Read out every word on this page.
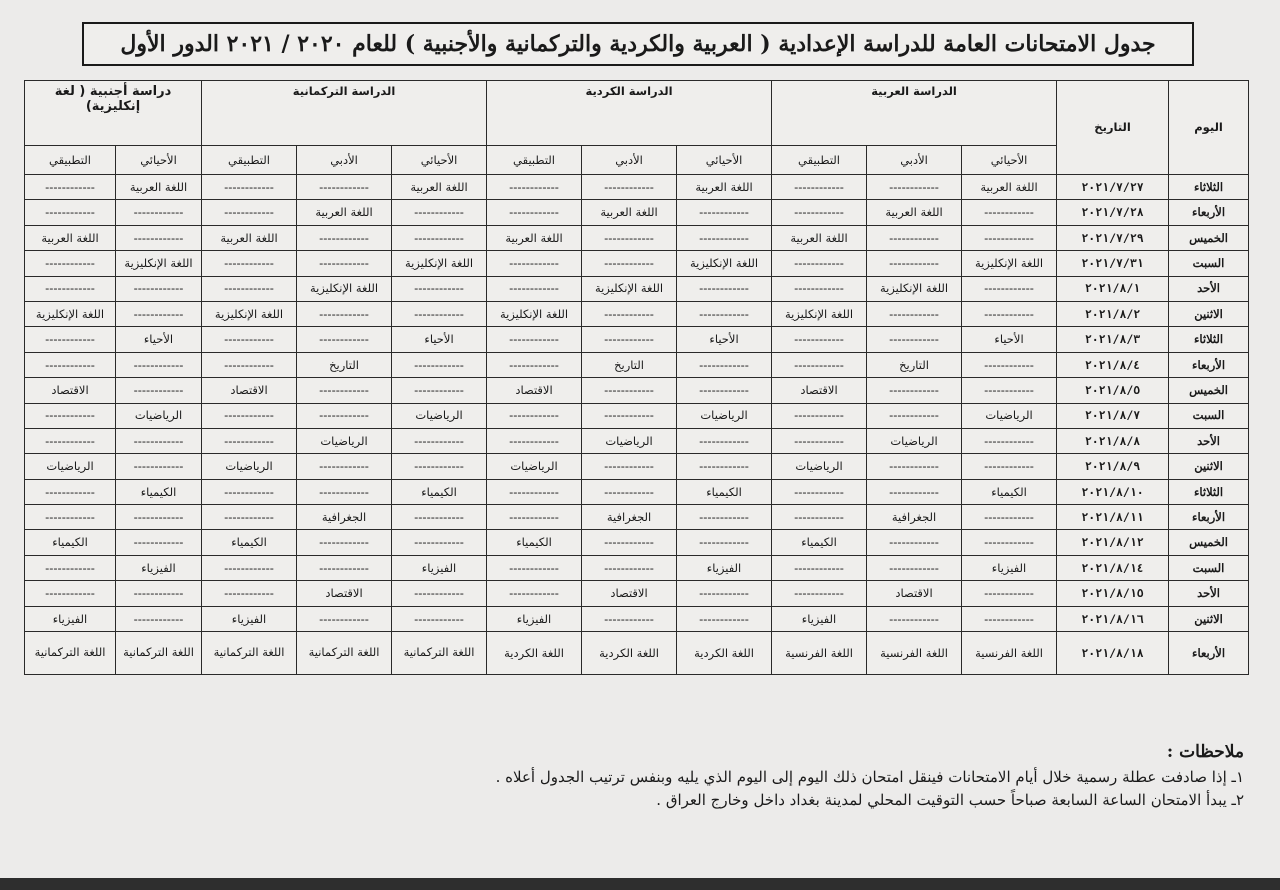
جدول الامتحانات العامة للدراسة الإعدادية ( العربية والكردية والتركمانية والأجنبية ) للعام ٢٠٢٠ / ٢٠٢١ الدور الأول
اليوم	التاريخ	الدراسة العربية			الدراسة الكردية			الدراسة التركمانية			دراسة أجنبية ( لغة إنكليزية)	
		الأحيائي	الأدبي	التطبيقي	الأحيائي	الأدبي	التطبيقي	الأحيائي	الأدبي	التطبيقي	الأحيائي	التطبيقي
الثلاثاء	٢٠٢١/٧/٢٧	اللغة العربية	------------	------------	اللغة العربية	------------	------------	اللغة العربية	------------	------------	اللغة العربية	------------
الأربعاء	٢٠٢١/٧/٢٨	------------	اللغة العربية	------------	------------	اللغة العربية	------------	------------	اللغة العربية	------------	------------	------------
الخميس	٢٠٢١/٧/٢٩	------------	------------	اللغة العربية	------------	------------	اللغة العربية	------------	------------	اللغة العربية	------------	اللغة العربية
السبت	٢٠٢١/٧/٣١	اللغة الإنكليزية	------------	------------	اللغة الإنكليزية	------------	------------	اللغة الإنكليزية	------------	------------	اللغة الإنكليزية	------------
الأحد	٢٠٢١/٨/١	------------	اللغة الإنكليزية	------------	------------	اللغة الإنكليزية	------------	------------	اللغة الإنكليزية	------------	------------	------------
الاثنين	٢٠٢١/٨/٢	------------	------------	اللغة الإنكليزية	------------	------------	اللغة الإنكليزية	------------	------------	اللغة الإنكليزية	------------	اللغة الإنكليزية
الثلاثاء	٢٠٢١/٨/٣	الأحياء	------------	------------	الأحياء	------------	------------	الأحياء	------------	------------	الأحياء	------------
الأربعاء	٢٠٢١/٨/٤	------------	التاريخ	------------	------------	التاريخ	------------	------------	التاريخ	------------	------------	------------
الخميس	٢٠٢١/٨/٥	------------	------------	الاقتصاد	------------	------------	الاقتصاد	------------	------------	الاقتصاد	------------	الاقتصاد
السبت	٢٠٢١/٨/٧	الرياضيات	------------	------------	الرياضيات	------------	------------	الرياضيات	------------	------------	الرياضيات	------------
الأحد	٢٠٢١/٨/٨	------------	الرياضيات	------------	------------	الرياضيات	------------	------------	الرياضيات	------------	------------	------------
الاثنين	٢٠٢١/٨/٩	------------	------------	الرياضيات	------------	------------	الرياضيات	------------	------------	الرياضيات	------------	الرياضيات
الثلاثاء	٢٠٢١/٨/١٠	الكيمياء	------------	------------	الكيمياء	------------	------------	الكيمياء	------------	------------	الكيمياء	------------
الأربعاء	٢٠٢١/٨/١١	------------	الجغرافية	------------	------------	الجغرافية	------------	------------	الجغرافية	------------	------------	------------
الخميس	٢٠٢١/٨/١٢	------------	------------	الكيمياء	------------	------------	الكيمياء	------------	------------	الكيمياء	------------	الكيمياء
السبت	٢٠٢١/٨/١٤	الفيزياء	------------	------------	الفيزياء	------------	------------	الفيزياء	------------	------------	الفيزياء	------------
الأحد	٢٠٢١/٨/١٥	------------	الاقتصاد	------------	------------	الاقتصاد	------------	------------	الاقتصاد	------------	------------	------------
الاثنين	٢٠٢١/٨/١٦	------------	------------	الفيزياء	------------	------------	الفيزياء	------------	------------	الفيزياء	------------	الفيزياء
الأربعاء	٢٠٢١/٨/١٨	اللغة الفرنسية	اللغة الفرنسية	اللغة الفرنسية	اللغة الكردية	اللغة الكردية	اللغة الكردية	اللغة التركمانية	اللغة التركمانية	اللغة التركمانية	اللغة التركمانية	اللغة التركمانية
ملاحظات :
١ـ إذا صادفت عطلة رسمية خلال أيام الامتحانات فينقل امتحان ذلك اليوم إلى اليوم الذي يليه وبنفس ترتيب الجدول أعلاه .
٢ـ يبدأ الامتحان الساعة السابعة صباحاً حسب التوقيت المحلي لمدينة بغداد داخل وخارج العراق .
